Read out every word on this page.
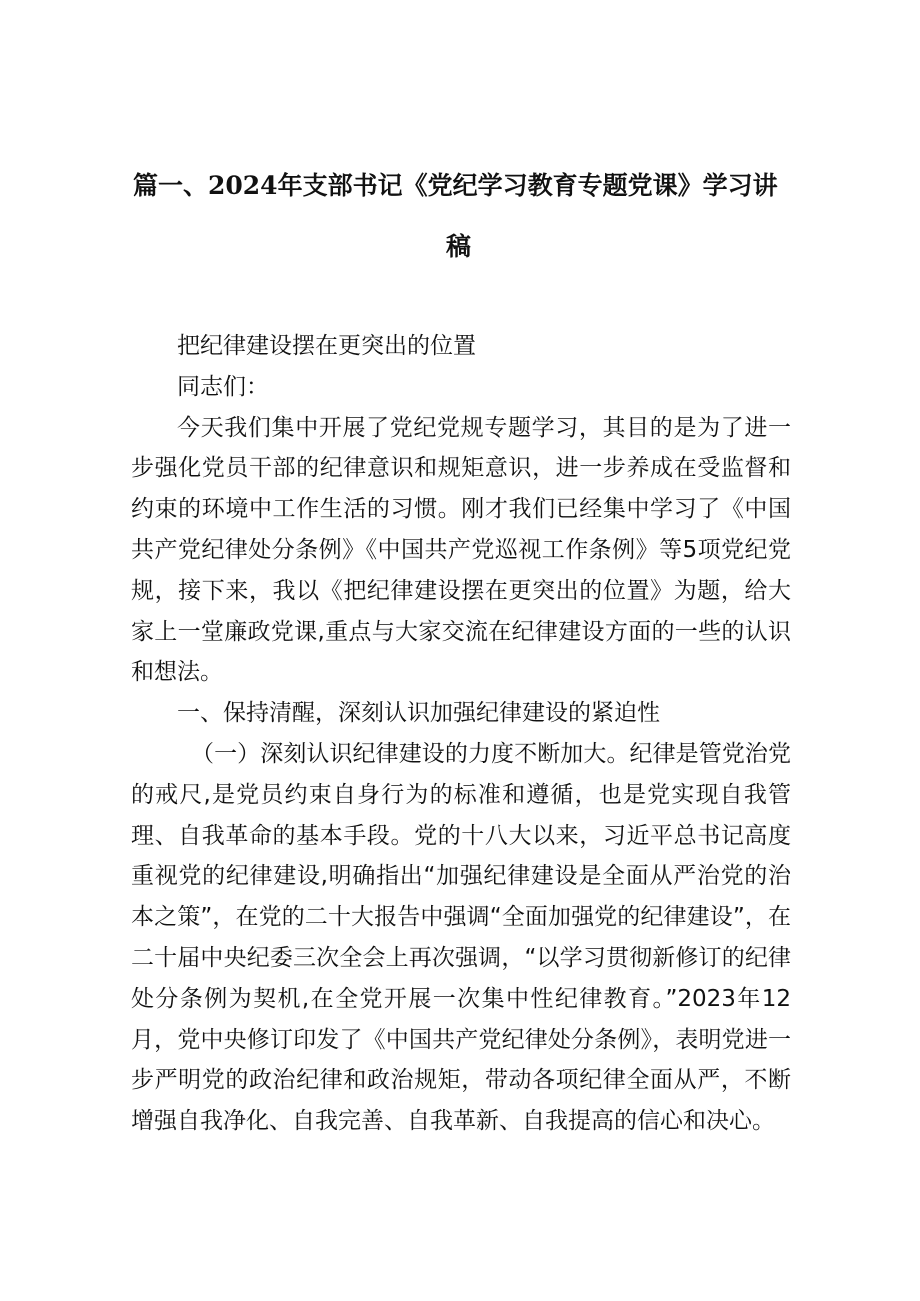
篇一、2024年支部书记《党纪学习教育专题党课》学习讲
稿

把纪律建设摆在更突出的位置

同志们：

今天我们集中开展了党纪党规专题学习，其目的是为了进一步强化党员干部的纪律意识和规矩意识，进一步养成在受监督和约束的环境中工作生活的习惯。刚才我们已经集中学习了《中国共产党纪律处分条例》《中国共产党巡视工作条例》等5项党纪党规，接下来，我以《把纪律建设摆在更突出的位置》为题，给大家上一堂廉政党课,重点与大家交流在纪律建设方面的一些的认识和想法。

一、保持清醒，深刻认识加强纪律建设的紧迫性

（一）深刻认识纪律建设的力度不断加大。纪律是管党治党的戒尺,是党员约束自身行为的标准和遵循，也是党实现自我管理、自我革命的基本手段。党的十八大以来，习近平总书记高度重视党的纪律建设,明确指出“加强纪律建设是全面从严治党的治本之策”，在党的二十大报告中强调“全面加强党的纪律建设”，在二十届中央纪委三次全会上再次强调，“以学习贯彻新修订的纪律处分条例为契机,在全党开展一次集中性纪律教育。”2023年12月，党中央修订印发了《中国共产党纪律处分条例》，表明党进一步严明党的政治纪律和政治规矩，带动各项纪律全面从严，不断增强自我净化、自我完善、自我革新、自我提高的信心和决心。
